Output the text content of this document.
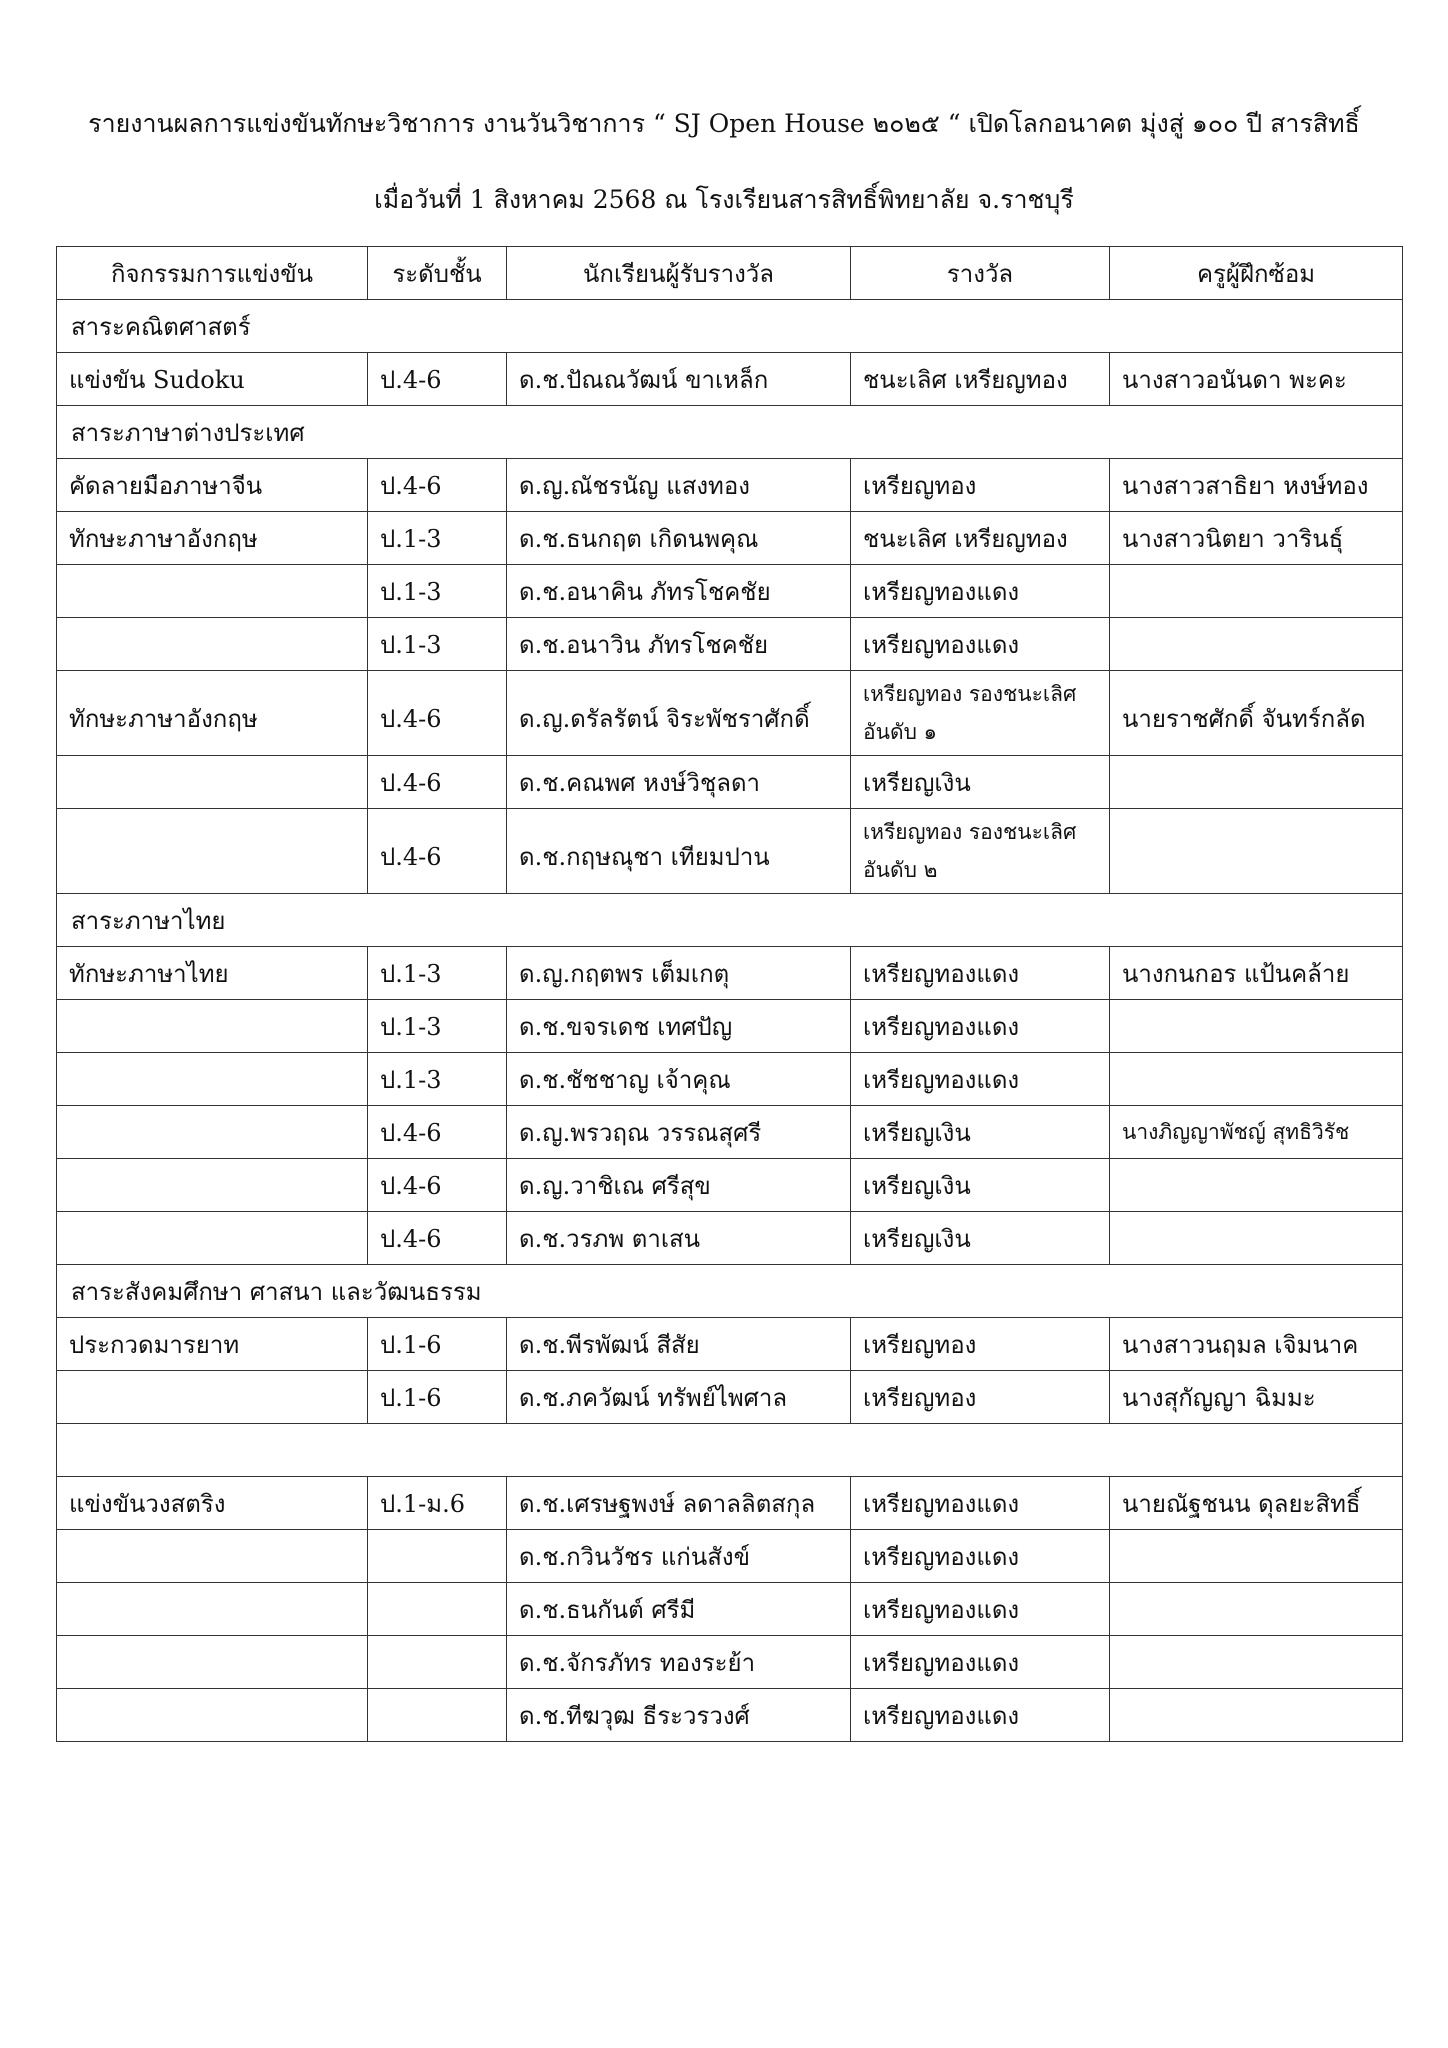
รายงานผลการแข่งขันทักษะวิชาการ งานวันวิชาการ “ SJ Open House ๒๐๒๕ “ เปิดโลกอนาคต มุ่งสู่ ๑๐๐ ปี สารสิทธิ์
เมื่อวันที่ 1 สิงหาคม 2568 ณ โรงเรียนสารสิทธิ์พิทยาลัย จ.ราชบุรี
กิจกรรมการแข่งขัน	ระดับชั้น	นักเรียนผู้รับรางวัล	รางวัล	ครูผู้ฝึกซ้อม
สาระคณิตศาสตร์				
แข่งขัน Sudoku	ป.4-6	ด.ช.ปัณณวัฒน์ ขาเหล็ก	ชนะเลิศ เหรียญทอง	นางสาวอนันดา พะคะ
สาระภาษาต่างประเทศ				
คัดลายมือภาษาจีน	ป.4-6	ด.ญ.ณัชรนัญ แสงทอง	เหรียญทอง	นางสาวสาธิยา หงษ์ทอง
ทักษะภาษาอังกฤษ	ป.1-3	ด.ช.ธนกฤต เกิดนพคุณ	ชนะเลิศ เหรียญทอง	นางสาวนิตยา วารินธุ์
	ป.1-3	ด.ช.อนาคิน ภัทรโชคชัย	เหรียญทองแดง	
	ป.1-3	ด.ช.อนาวิน ภัทรโชคชัย	เหรียญทองแดง	
ทักษะภาษาอังกฤษ	ป.4-6	ด.ญ.ดรัลรัตน์ จิระพัชราศักดิ์	เหรียญทอง รองชนะเลิศ อันดับ ๑	นายราชศักดิ์ จันทร์กลัด
	ป.4-6	ด.ช.คณพศ หงษ์วิชุลดา	เหรียญเงิน	
	ป.4-6	ด.ช.กฤษณุชา เทียมปาน	เหรียญทอง รองชนะเลิศ อันดับ ๒	
สาระภาษาไทย				
ทักษะภาษาไทย	ป.1-3	ด.ญ.กฤตพร เต็มเกตุ	เหรียญทองแดง	นางกนกอร แป้นคล้าย
	ป.1-3	ด.ช.ขจรเดช เทศปัญ	เหรียญทองแดง	
	ป.1-3	ด.ช.ชัชชาญ เจ้าคุณ	เหรียญทองแดง	
	ป.4-6	ด.ญ.พรวฤณ วรรณสุศรี	เหรียญเงิน	นางภิญญาพัชญ์ สุทธิวิรัช
	ป.4-6	ด.ญ.วาชิเณ ศรีสุข	เหรียญเงิน	
	ป.4-6	ด.ช.วรภพ ตาเสน	เหรียญเงิน	
สาระสังคมศึกษา ศาสนา และวัฒนธรรม				
ประกวดมารยาท	ป.1-6	ด.ช.พีรพัฒน์ สีสัย	เหรียญทอง	นางสาวนฤมล เจิมนาค
	ป.1-6	ด.ช.ภควัฒน์ ทรัพย์ไพศาล	เหรียญทอง	นางสุกัญญา ฉิมมะ

แข่งขันวงสตริง	ป.1-ม.6	ด.ช.เศรษฐพงษ์ ลดาลลิตสกุล	เหรียญทองแดง	นายณัฐชนน ดุลยะสิทธิ์
		ด.ช.กวินวัชร แก่นสังข์	เหรียญทองแดง	
		ด.ช.ธนกันต์ ศรีมี	เหรียญทองแดง	
		ด.ช.จักรภัทร ทองระย้า	เหรียญทองแดง	
		ด.ช.ทีฆวุฒ ธีระวรวงศ์	เหรียญทองแดง	
